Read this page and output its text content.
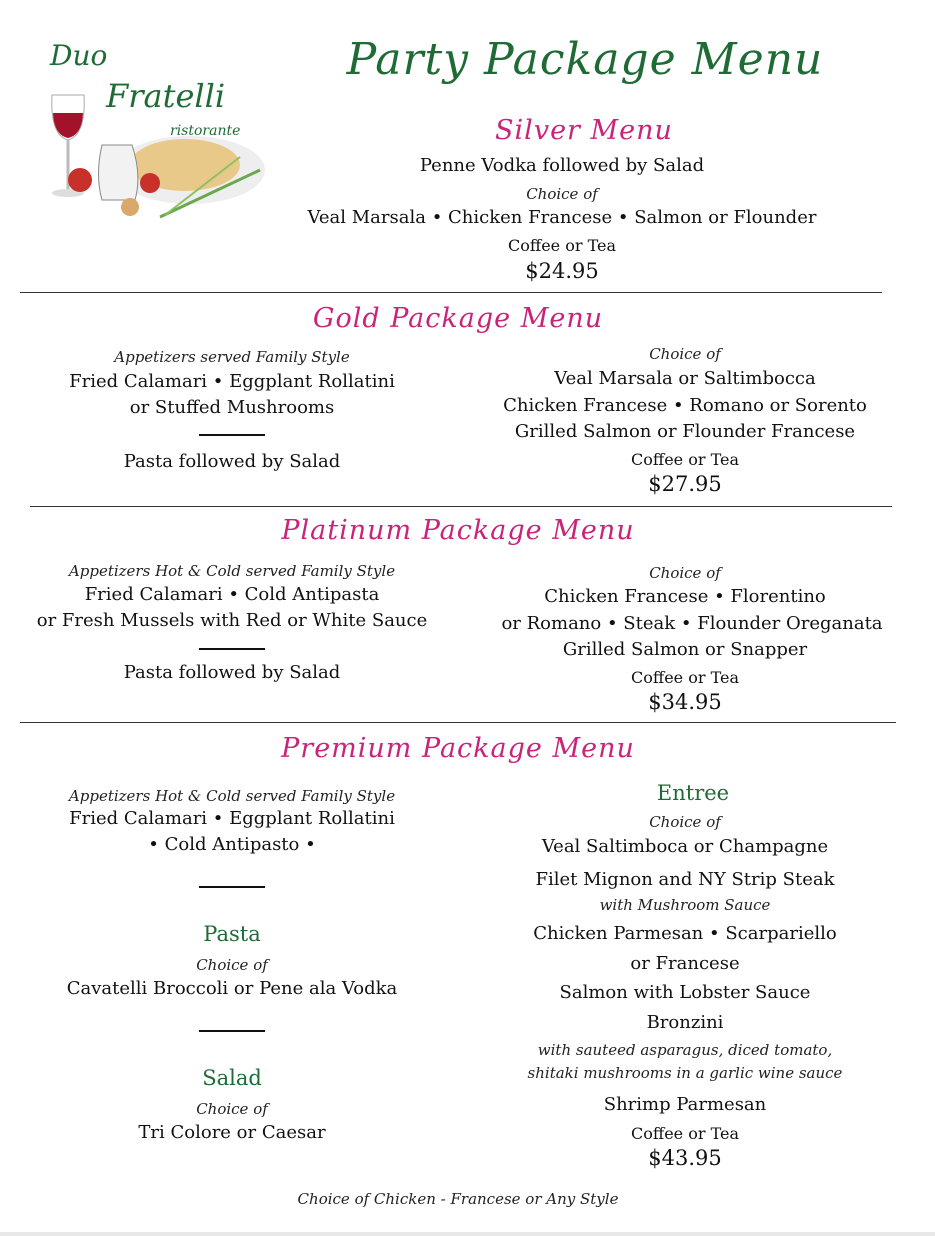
Duo
Fratelli
ristorante
Party Package Menu
Silver Menu
Penne Vodka followed by Salad
Choice of
Veal Marsala • Chicken Francese • Salmon or Flounder
Coffee or Tea
$24.95
Gold Package Menu
Appetizers served Family Style
Fried Calamari • Eggplant Rollatini
or Stuffed Mushrooms
Pasta followed by Salad
Choice of
Veal Marsala or Saltimbocca
Chicken Francese • Romano or Sorento
Grilled Salmon or Flounder Francese
Coffee or Tea
$27.95
Platinum Package Menu
Appetizers Hot & Cold served Family Style
Fried Calamari • Cold Antipasta
or Fresh Mussels with Red or White Sauce
Pasta followed by Salad
Choice of
Chicken Francese • Florentino
or Romano • Steak • Flounder Oreganata
Grilled Salmon or Snapper
Coffee or Tea
$34.95
Premium Package Menu
Appetizers Hot & Cold served Family Style
Fried Calamari • Eggplant Rollatini
• Cold Antipasto •
Pasta
Choice of
Cavatelli Broccoli or Pene ala Vodka
Salad
Choice of
Tri Colore or Caesar
Entree
Choice of
Veal Saltimboca or Champagne
Filet Mignon and NY Strip Steak
with Mushroom Sauce
Chicken Parmesan • Scarpariello
or Francese
Salmon with Lobster Sauce
Bronzini
with sauteed asparagus, diced tomato,
shitaki mushrooms in a garlic wine sauce
Shrimp Parmesan
Coffee or Tea
$43.95
Choice of Chicken - Francese or Any Style
